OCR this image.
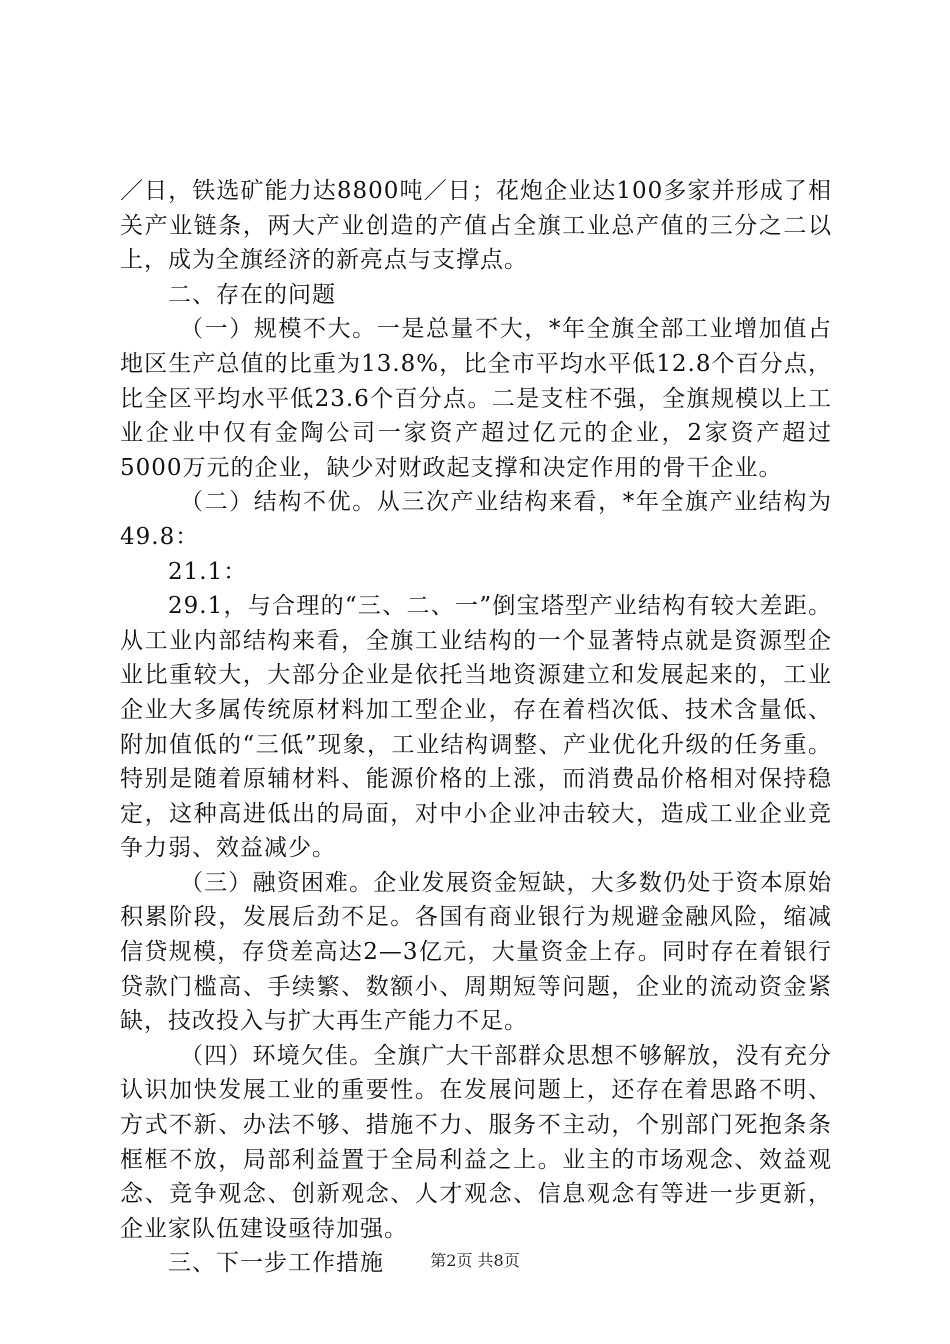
／日，铁选矿能力达8800吨／日；花炮企业达100多家并形成了相关产业链条，两大产业创造的产值占全旗工业总产值的三分之二以上，成为全旗经济的新亮点与支撑点。

二、存在的问题

（一）规模不大。一是总量不大，*年全旗全部工业增加值占地区生产总值的比重为13.8%，比全市平均水平低12.8个百分点，比全区平均水平低23.6个百分点。二是支柱不强，全旗规模以上工业企业中仅有金陶公司一家资产超过亿元的企业，2家资产超过5000万元的企业，缺少对财政起支撑和决定作用的骨干企业。

（二）结构不优。从三次产业结构来看，*年全旗产业结构为49.8：

21.1：

29.1，与合理的“三、二、一”倒宝塔型产业结构有较大差距。从工业内部结构来看，全旗工业结构的一个显著特点就是资源型企业比重较大，大部分企业是依托当地资源建立和发展起来的，工业企业大多属传统原材料加工型企业，存在着档次低、技术含量低、附加值低的“三低”现象，工业结构调整、产业优化升级的任务重。特别是随着原辅材料、能源价格的上涨，而消费品价格相对保持稳定，这种高进低出的局面，对中小企业冲击较大，造成工业企业竞争力弱、效益减少。

（三）融资困难。企业发展资金短缺，大多数仍处于资本原始积累阶段，发展后劲不足。各国有商业银行为规避金融风险，缩减信贷规模，存贷差高达2—3亿元，大量资金上存。同时存在着银行贷款门槛高、手续繁、数额小、周期短等问题，企业的流动资金紧缺，技改投入与扩大再生产能力不足。

（四）环境欠佳。全旗广大干部群众思想不够解放，没有充分认识加快发展工业的重要性。在发展问题上，还存在着思路不明、方式不新、办法不够、措施不力、服务不主动，个别部门死抱条条框框不放，局部利益置于全局利益之上。业主的市场观念、效益观念、竞争观念、创新观念、人才观念、信息观念有等进一步更新，企业家队伍建设亟待加强。

三、下一步工作措施	第2页 共8页
